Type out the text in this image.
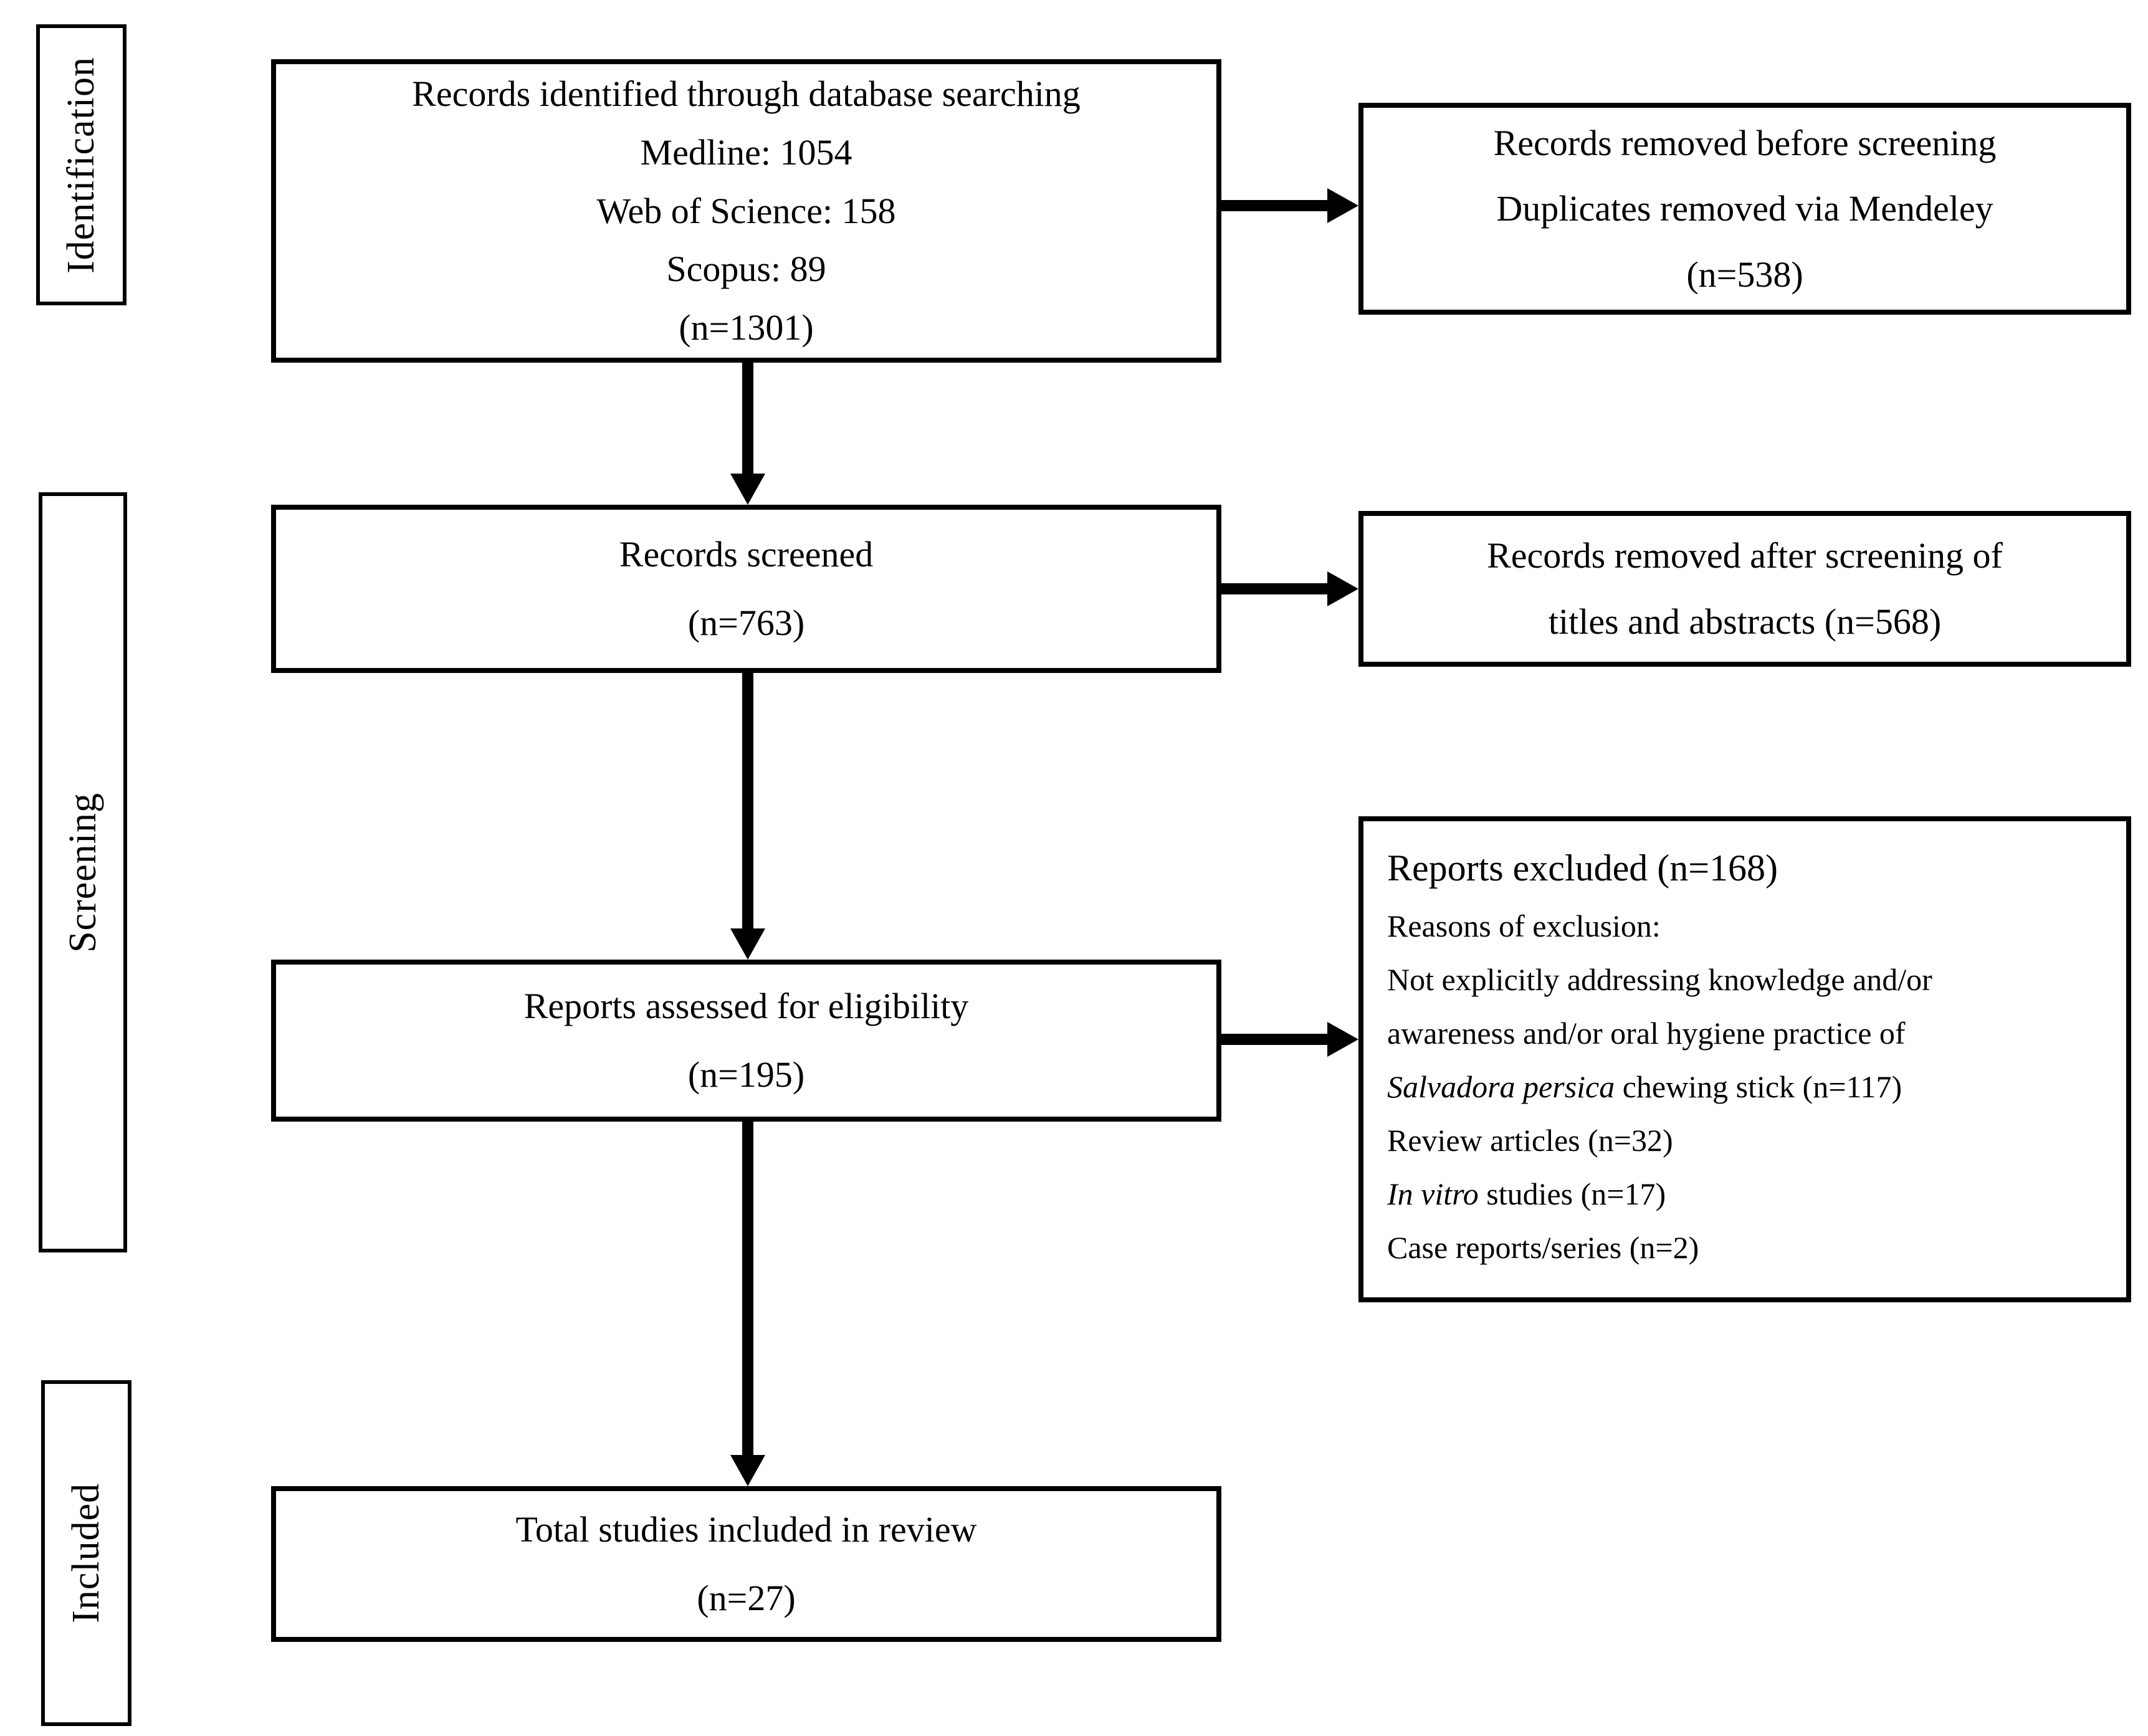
Identification
Screening
Included
Records identified through database searching
Medline: 1054
Web of Science: 158
Scopus: 89
(n=1301)
Records screened
(n=763)
Reports assessed for eligibility
(n=195)
Total studies included in review
(n=27)
Records removed before screening
Duplicates removed via Mendeley
(n=538)
Records removed after screening of
titles and abstracts (n=568)
Reports excluded (n=168)
Reasons of exclusion:
Not explicitly addressing knowledge and/or
awareness and/or oral hygiene practice of
Salvadora persica chewing stick (n=117)
Review articles (n=32)
In vitro studies (n=17)
Case reports/series (n=2)
